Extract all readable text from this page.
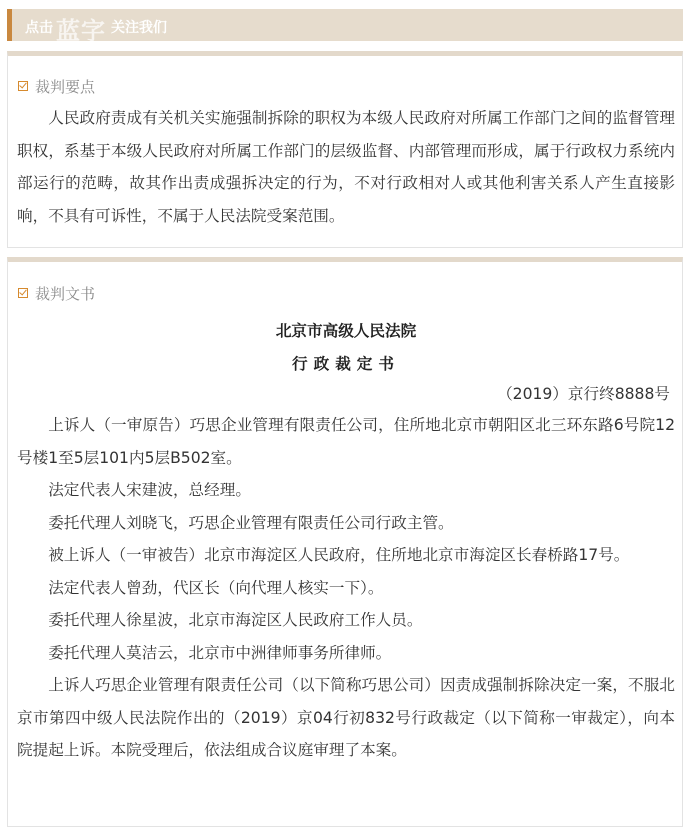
点击 蓝字 关注我们
裁判要点

人民政府责成有关机关实施强制拆除的职权为本级人民政府对所属工作部门之间的监督管理职权，系基于本级人民政府对所属工作部门的层级监督、内部管理而形成，属于行政权力系统内部运行的范畴，故其作出责成强拆决定的行为，不对行政相对人或其他利害关系人产生直接影响，不具有可诉性，不属于人民法院受案范围。

裁判文书
北京市高级人民法院
行政裁定书
（2019）京行终8888号

上诉人（一审原告）巧思企业管理有限责任公司，住所地北京市朝阳区北三环东路6号院12号楼1至5层101内5层B502室。

法定代表人宋建波，总经理。

委托代理人刘晓飞，巧思企业管理有限责任公司行政主管。

被上诉人（一审被告）北京市海淀区人民政府，住所地北京市海淀区长春桥路17号。

法定代表人曾劲，代区长（向代理人核实一下）。

委托代理人徐星波，北京市海淀区人民政府工作人员。

委托代理人莫洁云，北京市中洲律师事务所律师。

上诉人巧思企业管理有限责任公司（以下简称巧思公司）因责成强制拆除决定一案，不服北京市第四中级人民法院作出的（2019）京04行初832号行政裁定（以下简称一审裁定），向本院提起上诉。本院受理后，依法组成合议庭审理了本案。
